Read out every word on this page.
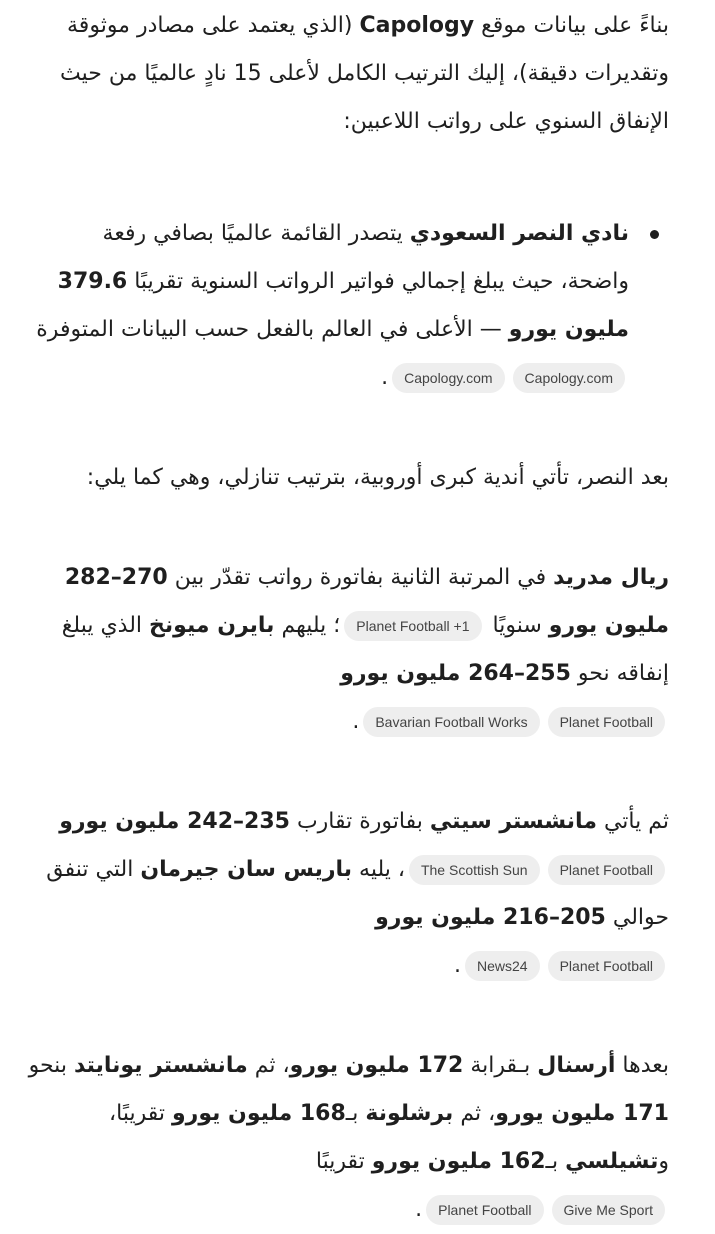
بناءً على بيانات موقع Capology (الذي يعتمد على مصادر موثوقة وتقديرات دقيقة)، إليك الترتيب الكامل لأعلى 15 نادٍ عالميًا من حيث الإنفاق السنوي على رواتب اللاعبين:

نادي النصر السعودي يتصدر القائمة عالميًا بصافي رفعة واضحة، حيث يبلغ إجمالي فواتير الرواتب السنوية تقريبًا 379.6 مليون يورو — الأعلى في العالم بالفعل حسب البيانات المتوفرة Capology.comCapology.com.

بعد النصر، تأتي أندية كبرى أوروبية، بترتيب تنازلي، وهي كما يلي:

ريال مدريد في المرتبة الثانية بفاتورة رواتب تقدّر بين 270–282 مليون يورو سنويًا Planet Football +1؛ يليهم بايرن ميونخ الذي يبلغ إنفاقه نحو 255–264 مليون يورو
Planet FootballBavarian Football Works.

ثم يأتي مانشستر سيتي بفاتورة تقارب 235–242 مليون يورو Planet FootballThe Scottish Sun، يليه باريس سان جيرمان التي تنفق حوالي 205–216 مليون يورو
Planet FootballNews24.

بعدها أرسنال بـقرابة 172 مليون يورو، ثم مانشستر يونايتد بنحو 171 مليون يورو، ثم برشلونة بـ168 مليون يورو تقريبًا، وتشيلسي بـ162 مليون يورو تقريبًا
Give Me SportPlanet Football.
